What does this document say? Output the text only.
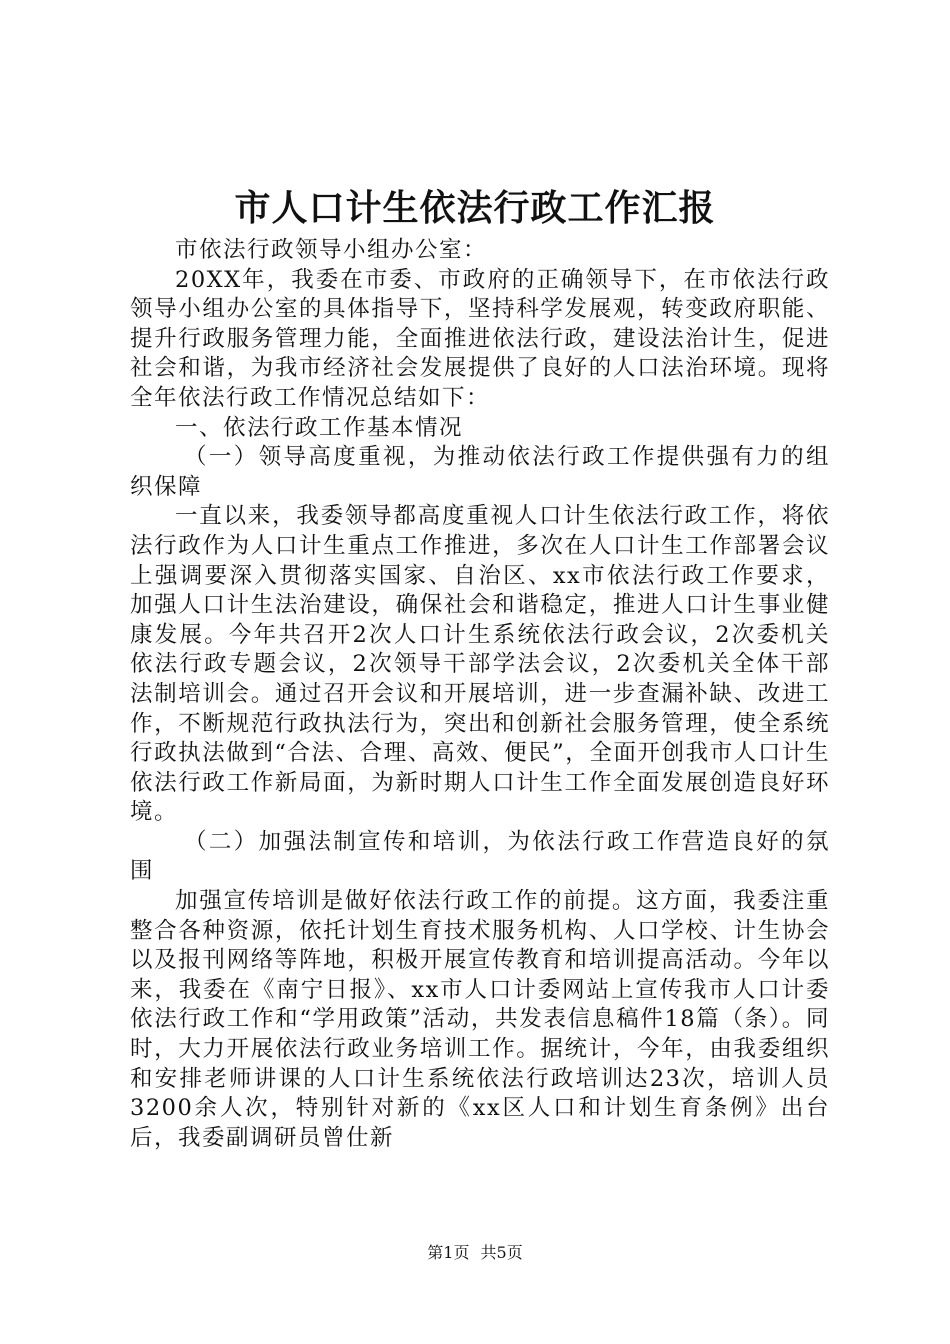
市人口计生依法行政工作汇报

市依法行政领导小组办公室：

20XX年，我委在市委、市政府的正确领导下，在市依法行政领导小组办公室的具体指导下，坚持科学发展观，转变政府职能、提升行政服务管理力能，全面推进依法行政，建设法治计生，促进社会和谐，为我市经济社会发展提供了良好的人口法治环境。现将全年依法行政工作情况总结如下：

一、依法行政工作基本情况

（一）领导高度重视，为推动依法行政工作提供强有力的组织保障

一直以来，我委领导都高度重视人口计生依法行政工作，将依法行政作为人口计生重点工作推进，多次在人口计生工作部署会议上强调要深入贯彻落实国家、自治区、xx市依法行政工作要求，加强人口计生法治建设，确保社会和谐稳定，推进人口计生事业健康发展。今年共召开2次人口计生系统依法行政会议，2次委机关依法行政专题会议，2次领导干部学法会议，2次委机关全体干部法制培训会。通过召开会议和开展培训，进一步查漏补缺、改进工作，不断规范行政执法行为，突出和创新社会服务管理，使全系统行政执法做到“合法、合理、高效、便民”，全面开创我市人口计生依法行政工作新局面，为新时期人口计生工作全面发展创造良好环境。

（二）加强法制宣传和培训，为依法行政工作营造良好的氛围

加强宣传培训是做好依法行政工作的前提。这方面，我委注重整合各种资源，依托计划生育技术服务机构、人口学校、计生协会以及报刊网络等阵地，积极开展宣传教育和培训提高活动。今年以来，我委在《南宁日报》、xx市人口计委网站上宣传我市人口计委依法行政工作和“学用政策”活动，共发表信息稿件18篇（条）。同时，大力开展依法行政业务培训工作。据统计，今年，由我委组织和安排老师讲课的人口计生系统依法行政培训达23次，培训人员3200余人次，特别针对新的《xx区人口和计划生育条例》出台后，我委副调研员曾仕新

第1页 共5页
